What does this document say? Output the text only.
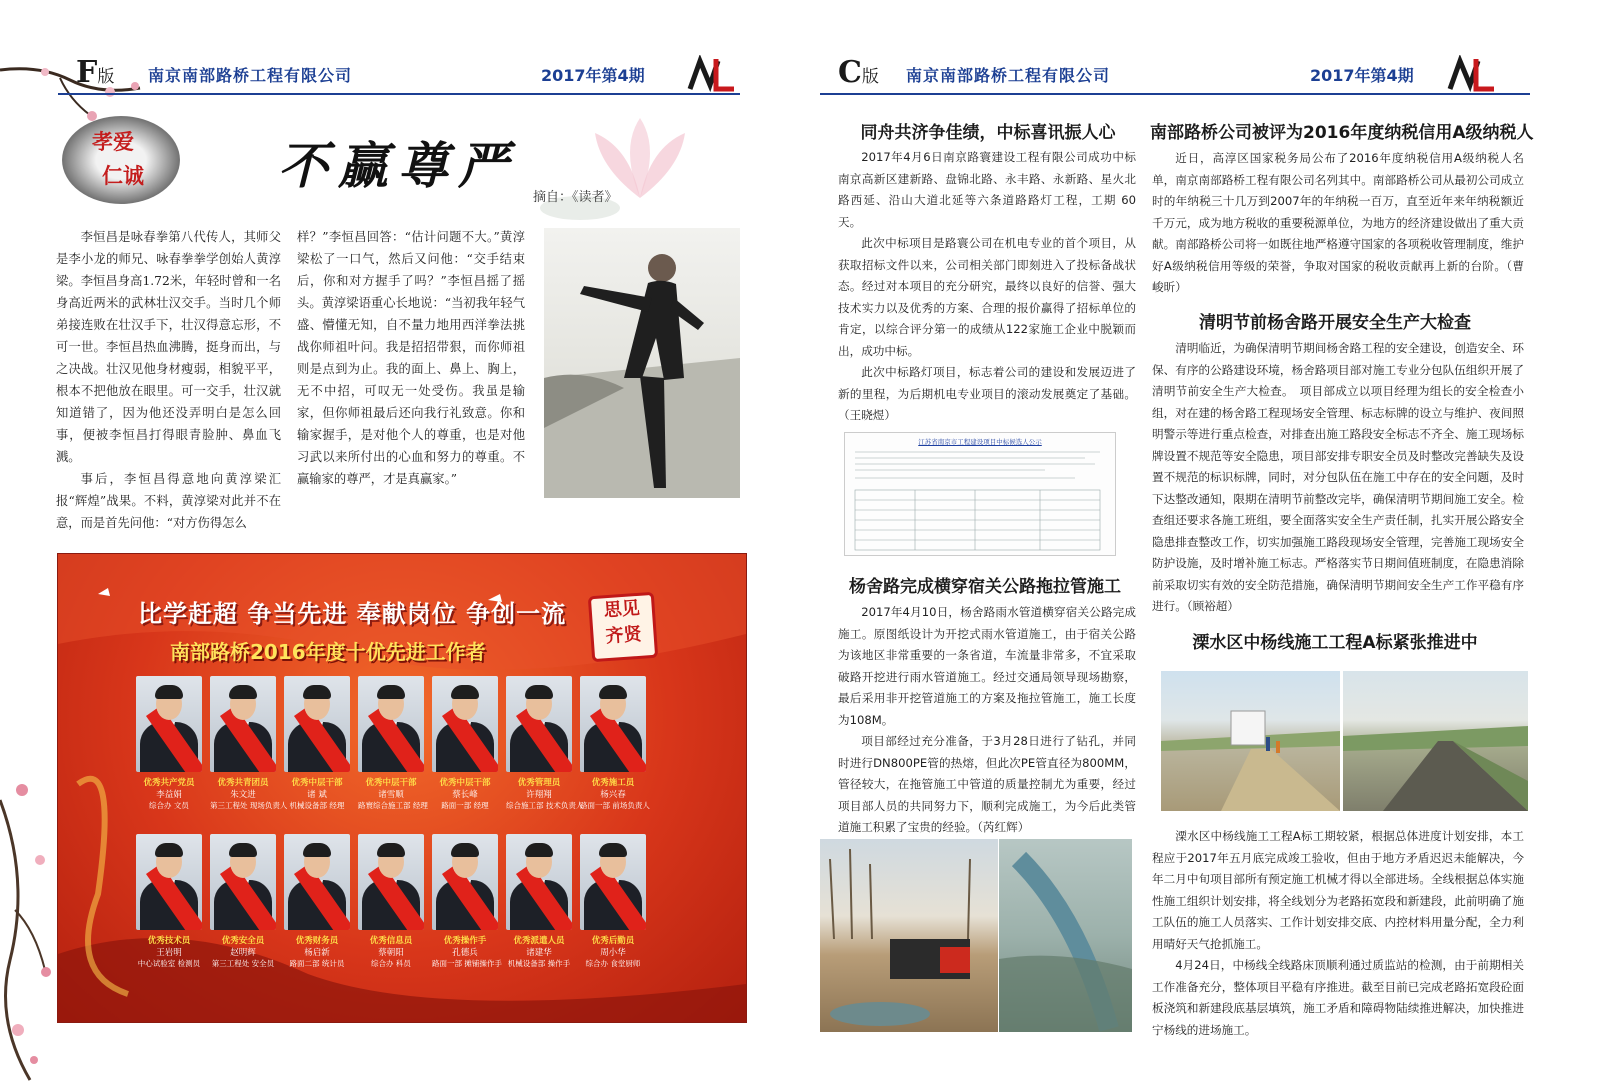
F版 南京南部路桥工程有限公司	2017年第4期
孝爱
仁诚	不赢尊严
摘自：《读者》

李恒昌是咏春拳第八代传人，其师父是李小龙的师兄、咏春拳拳学创始人黄淳梁。李恒昌身高1.72米，年轻时曾和一名身高近两米的武林壮汉交手。当时几个师弟接连败在壮汉手下，壮汉得意忘形，不可一世。李恒昌热血沸腾，挺身而出，与之决战。壮汉见他身材瘦弱，相貌平平，根本不把他放在眼里。可一交手，壮汉就知道错了，因为他还没弄明白是怎么回事，便被李恒昌打得眼青脸肿、鼻血飞溅。

事后，李恒昌得意地向黄淳梁汇报“辉煌”战果。不料，黄淳梁对此并不在意，而是首先问他：“对方伤得怎么

样？”李恒昌回答：“估计问题不大。”黄淳梁松了一口气，然后又问他：“交手结束后，你和对方握手了吗？”李恒昌摇了摇头。黄淳梁语重心长地说：“当初我年轻气盛、懵懂无知，自不量力地用西洋拳法挑战你师祖叶问。我是招招带狠，而你师祖则是点到为止。我的面上、鼻上、胸上，无不中招，可叹无一处受伤。我虽是输家，但你师祖最后还向我行礼致意。你和输家握手，是对他个人的尊重，也是对他习武以来所付出的心血和努力的尊重。不赢输家的尊严，才是真赢家。”

比学赶超 争当先进 奉献岗位 争创一流
南部路桥2016年度十优先进工作者
思见
齐贤
优秀共产党员
李益娟
综合办 文员
优秀共青团员
朱文进
第三工程处 现场负责人
优秀中层干部
诸 斌
机械设备部 经理
优秀中层干部
诸雪顺
路寰综合施工部 经理
优秀中层干部
蔡长峰
路面一部 经理
优秀管理员
许翔翔
综合施工部 技术负责人
优秀施工员
杨兴春
路面一部 前场负责人
优秀技术员
王岩明
中心试验室 检测员
优秀安全员
赵明辉
第三工程处 安全员
优秀财务员
杨启新
路面二部 统计员
优秀信息员
蔡朝阳
综合办 科员
优秀操作手
孔德兵
路面一部 摊铺操作手
优秀派遣人员
诸建华
机械设备部 操作手
优秀后勤员
周小华
综合办 食堂厨师
C版 南京南部路桥工程有限公司	2017年第4期
同舟共济争佳绩，中标喜讯振人心

2017年4月6日南京路寰建设工程有限公司成功中标南京高新区建新路、盘锦北路、永丰路、永新路、星火北路西延、沿山大道北延等六条道路路灯工程，工期 60 天。

此次中标项目是路寰公司在机电专业的首个项目，从获取招标文件以来，公司相关部门即刻进入了投标备战状态。经过对本项目的充分研究，最终以良好的信誉、强大技术实力以及优秀的方案、合理的报价赢得了招标单位的肯定，以综合评分第一的成绩从122家施工企业中脱颖而出，成功中标。

此次中标路灯项目，标志着公司的建设和发展迈进了新的里程，为后期机电专业项目的滚动发展奠定了基础。（王晓煜）

江苏省南京市工程建设项目中标候选人公示
杨舍路完成横穿宿关公路拖拉管施工

2017年4月10日，杨舍路雨水管道横穿宿关公路完成施工。原图纸设计为开挖式雨水管道施工，由于宿关公路为该地区非常重要的一条省道，车流量非常多，不宜采取破路开挖进行雨水管道施工。经过交通局领导现场勘察，最后采用非开挖管道施工的方案及拖拉管施工，施工长度为108M。

项目部经过充分准备，于3月28日进行了钻孔，并同时进行DN800PE管的热熔，但此次PE管直径为800MM，管径较大，在拖管施工中管道的质量控制尤为重要，经过项目部人员的共同努力下，顺利完成施工，为今后此类管道施工积累了宝贵的经验。（芮红辉）

南部路桥公司被评为2016年度纳税信用A级纳税人

近日，高淳区国家税务局公布了2016年度纳税信用A级纳税人名单，南京南部路桥工程有限公司名列其中。南部路桥公司从最初公司成立时的年纳税三十几万到2007年的年纳税一百万，直至近年来年纳税额近千万元，成为地方税收的重要税源单位，为地方的经济建设做出了重大贡献。南部路桥公司将一如既往地严格遵守国家的各项税收管理制度，维护好A级纳税信用等级的荣誉，争取对国家的税收贡献再上新的台阶。（曹峻昕）

清明节前杨舍路开展安全生产大检查

清明临近，为确保清明节期间杨舍路工程的安全建设，创造安全、环保、有序的公路建设环境，杨舍路项目部对施工专业分包队伍组织开展了清明节前安全生产大检查。　项目部成立以项目经理为组长的安全检查小组，对在建的杨舍路工程现场安全管理、标志标牌的设立与维护、夜间照明警示等进行重点检查，对排查出施工路段安全标志不齐全、施工现场标牌设置不规范等安全隐患，项目部安排专职安全员及时整改完善缺失及设置不规范的标识标牌，同时，对分包队伍在施工中存在的安全问题，及时下达整改通知，限期在清明节前整改完毕，确保清明节期间施工安全。检查组还要求各施工班组，要全面落实安全生产责任制，扎实开展公路安全隐患排查整改工作，切实加强施工路段现场安全管理，完善施工现场安全防护设施，及时增补施工标志。严格落实节日期间值班制度，在隐患消除前采取切实有效的安全防范措施，确保清明节期间安全生产工作平稳有序进行。（顾裕超）

溧水区中杨线施工工程A标紧张推进中

溧水区中杨线施工工程A标工期较紧，根据总体进度计划安排，本工程应于2017年五月底完成竣工验收，但由于地方矛盾迟迟未能解决，今年二月中旬项目部所有预定施工机械才得以全部进场。全线根据总体实施性施工组织计划安排，将全线划分为老路拓宽段和新建段，此前明确了施工队伍的施工人员落实、工作计划安排交底、内控材料用量分配，全力利用晴好天气抢抓施工。

4月24日，中杨线全线路床顶顺利通过质监站的检测，由于前期相关工作准备充分，整体项目平稳有序推进。截至目前已完成老路拓宽段砼面板浇筑和新建段底基层填筑，施工矛盾和障碍物陆续推进解决，加快推进宁杨线的进场施工。
